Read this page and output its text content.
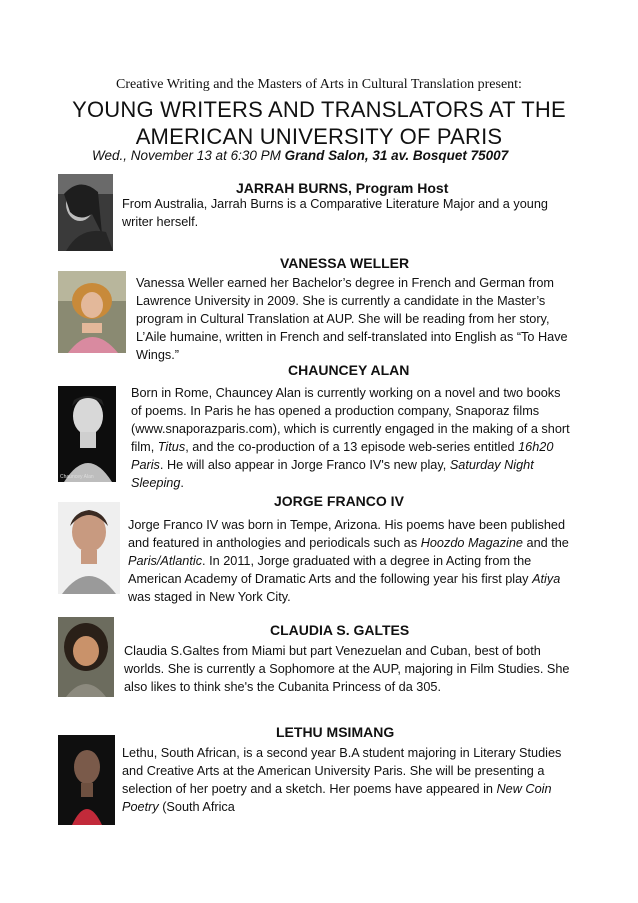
Creative Writing and the Masters of Arts in Cultural Translation present:
YOUNG WRITERS AND TRANSLATORS AT THE
AMERICAN UNIVERSITY OF PARIS
Wed., November 13 at 6:30 PM Grand Salon, 31 av. Bosquet 75007
JARRAH BURNS, Program Host
From Australia, Jarrah Burns is a Comparative Literature Major and a young writer herself.
VANESSA WELLER
Vanessa Weller earned her Bachelor’s degree in French and German from Lawrence University in 2009. She is currently a candidate in the Master’s program in Cultural Translation at AUP. She will be reading from her story, L’Aile humaine, written in French and self-translated into English as “To Have Wings.”
Chauncey Alan
CHAUNCEY ALAN
Born in Rome, Chauncey Alan is currently working on a novel and two books of poems. In Paris he has opened a production company, Snaporaz films (www.snaporazparis.com), which is currently engaged in the making of a short film, Titus, and the co-production of a 13 episode web-series entitled 16h20 Paris. He will also appear in Jorge Franco IV's new play, Saturday Night Sleeping.
JORGE FRANCO IV
Jorge Franco IV was born in Tempe, Arizona. His poems have been published and featured in anthologies and periodicals such as Hoozdo Magazine and the Paris/Atlantic. In 2011, Jorge graduated with a degree in Acting from the American Academy of Dramatic Arts and the following year his first play Atiya was staged in New York City.
CLAUDIA S. GALTES
Claudia S.Galtes from Miami but part Venezuelan and Cuban, best of both worlds. She is currently a Sophomore at the AUP, majoring in Film Studies. She also likes to think she's the Cubanita Princess of da 305.
LETHU MSIMANG
Lethu, South African, is a second year B.A student majoring in Literary Studies and Creative Arts at the American University Paris. She will be presenting a selection of her poetry and a sketch. Her poems have appeared in New Coin Poetry (South Africa
